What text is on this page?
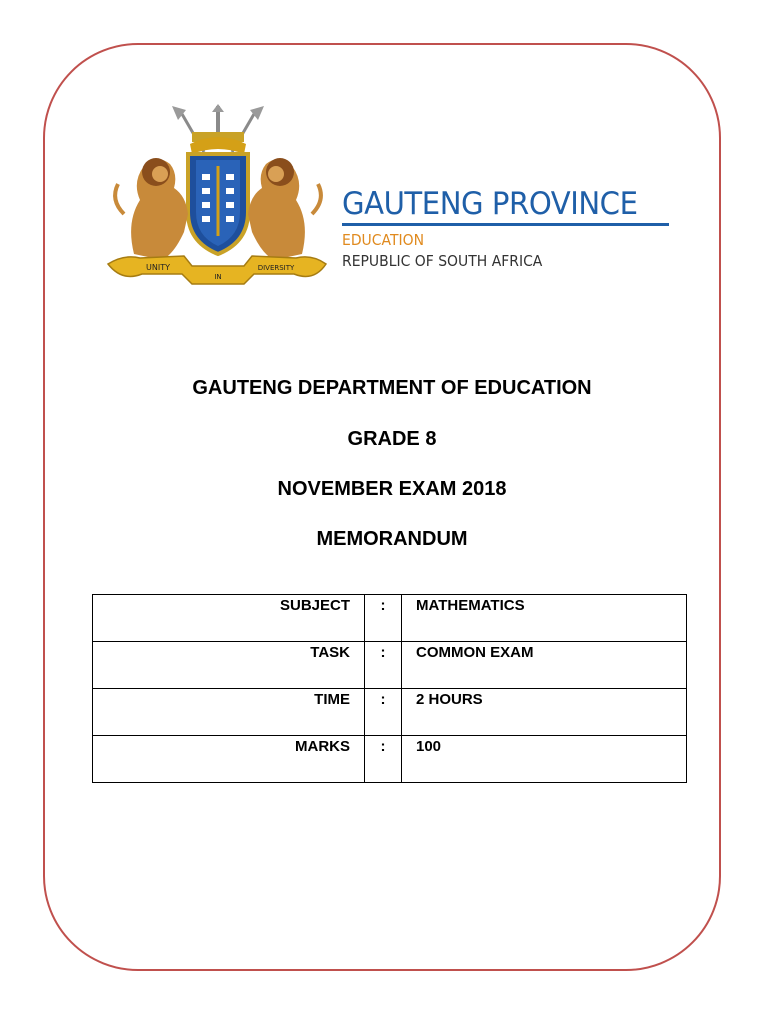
UNITY
IN
DIVERSITY
GAUTENG PROVINCE
EDUCATION
REPUBLIC OF SOUTH AFRICA
GAUTENG DEPARTMENT OF EDUCATION
GRADE 8
NOVEMBER EXAM 2018
MEMORANDUM
SUBJECT	:	MATHEMATICS
TASK	:	COMMON EXAM
TIME	:	2 HOURS
MARKS	:	100
